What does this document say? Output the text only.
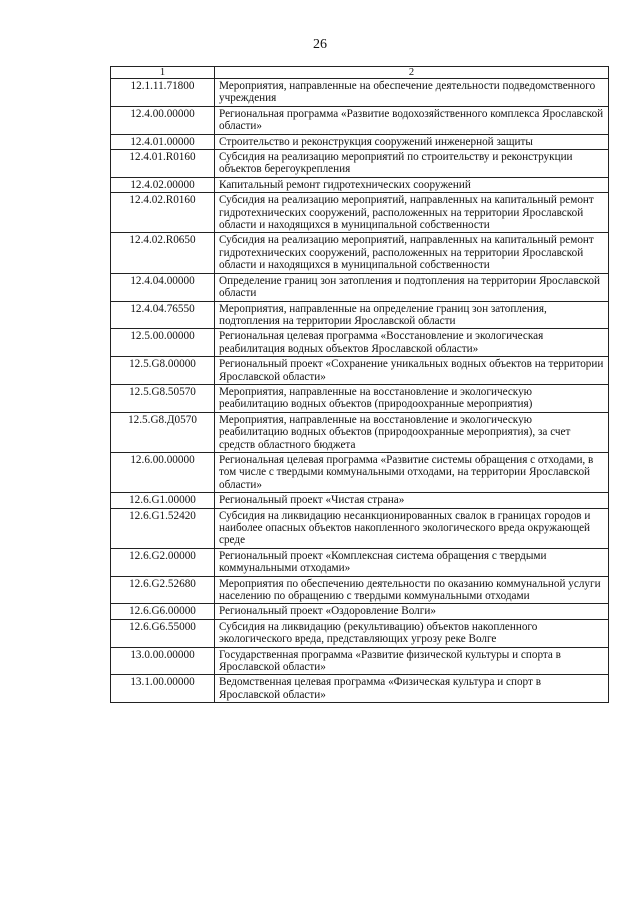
26
1	2
12.1.11.71800	Мероприятия, направленные на обеспечение деятельности подведомственного учреждения
12.4.00.00000	Региональная программа «Развитие водохозяйственного комплекса Ярославской области»
12.4.01.00000	Строительство и реконструкция сооружений инженерной защиты
12.4.01.R0160	Субсидия на реализацию мероприятий по строительству и реконструкции объектов берегоукрепления
12.4.02.00000	Капитальный ремонт гидротехнических сооружений
12.4.02.R0160	Субсидия на реализацию мероприятий, направленных на капитальный ремонт гидротехнических сооружений, расположенных на территории Ярославской области и находящихся в муниципальной собственности
12.4.02.R0650	Субсидия на реализацию мероприятий, направленных на капитальный ремонт гидротехнических сооружений, расположенных на территории Ярославской области и находящихся в муниципальной собственности
12.4.04.00000	Определение границ зон затопления и подтопления на территории Ярославской области
12.4.04.76550	Мероприятия, направленные на определение границ зон затопления, подтопления на территории Ярославской области
12.5.00.00000	Региональная целевая программа «Восстановление и экологическая реабилитация водных объектов Ярославской области»
12.5.G8.00000	Региональный проект «Сохранение уникальных водных объектов на территории Ярославской области»
12.5.G8.50570	Мероприятия, направленные на восстановление и экологическую реабилитацию водных объектов (природоохранные мероприятия)
12.5.G8.Д0570	Мероприятия, направленные на восстановление и экологическую реабилитацию водных объектов (природоохранные мероприятия), за счет средств областного бюджета
12.6.00.00000	Региональная целевая программа «Развитие системы обращения с отходами, в том числе с твердыми коммунальными отходами, на территории Ярославской области»
12.6.G1.00000	Региональный проект «Чистая страна»
12.6.G1.52420	Субсидия на ликвидацию несанкционированных свалок в границах городов и наиболее опасных объектов накопленного экологического вреда окружающей среде
12.6.G2.00000	Региональный проект «Комплексная система обращения с твердыми коммунальными отходами»
12.6.G2.52680	Мероприятия по обеспечению деятельности по оказанию коммунальной услуги населению по обращению с твердыми коммунальными отходами
12.6.G6.00000	Региональный проект «Оздоровление Волги»
12.6.G6.55000	Субсидия на ликвидацию (рекультивацию) объектов накопленного экологического вреда, представляющих угрозу реке Волге
13.0.00.00000	Государственная программа «Развитие физической культуры и спорта в Ярославской области»
13.1.00.00000	Ведомственная целевая программа «Физическая культура и спорт в Ярославской области»
